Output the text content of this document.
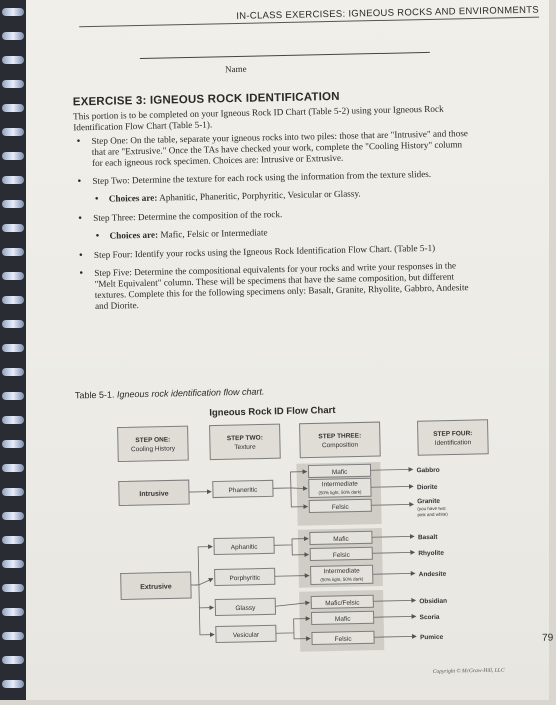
IN-CLASS EXERCISES: IGNEOUS ROCKS AND ENVIRONMENTS
Name
EXERCISE 3: IGNEOUS ROCK IDENTIFICATION
This portion is to be completed on your Igneous Rock ID Chart (Table 5-2) using your Igneous Rock Identification Flow Chart (Table 5-1).
• Step One: On the table, separate your igneous rocks into two piles: those that are "Intrusive" and those that are "Extrusive." Once the TAs have checked your work, complete the "Cooling History" column for each igneous rock specimen. Choices are: Intrusive or Extrusive.
• Step Two: Determine the texture for each rock using the information from the texture slides.
• Choices are: Aphanitic, Phaneritic, Porphyritic, Vesicular or Glassy.
• Step Three: Determine the composition of the rock.
• Choices are: Mafic, Felsic or Intermediate
• Step Four: Identify your rocks using the Igneous Rock Identification Flow Chart. (Table 5-1)
• Step Five: Determine the compositional equivalents for your rocks and write your responses in the "Melt Equivalent" column. These will be specimens that have the same composition, but different textures. Complete this for the following specimens only: Basalt, Granite, Rhyolite, Gabbro, Andesite and Diorite.
Table 5-1. Igneous rock identification flow chart.
Igneous Rock ID Flow Chart
STEP ONE:
Cooling History
STEP TWO:
Texture
STEP THREE:
Composition
STEP FOUR:
Identification
Intrusive
Extrusive
Phaneritic
Aphanitic
Porphyritic
Glassy
Vesicular
Mafic
Intermediate
(50% light, 50% dark)
Felsic
Mafic
Felsic
Intermediate
(50% light, 50% dark)
Mafic/Felsic
Mafic
Felsic
Gabbro
Diorite
Granite
(you have two:
pink and white)
Basalt
Rhyolite
Andesite
Obsidian
Scoria
Pumice	79
Copyright © McGraw-Hill, LLC
